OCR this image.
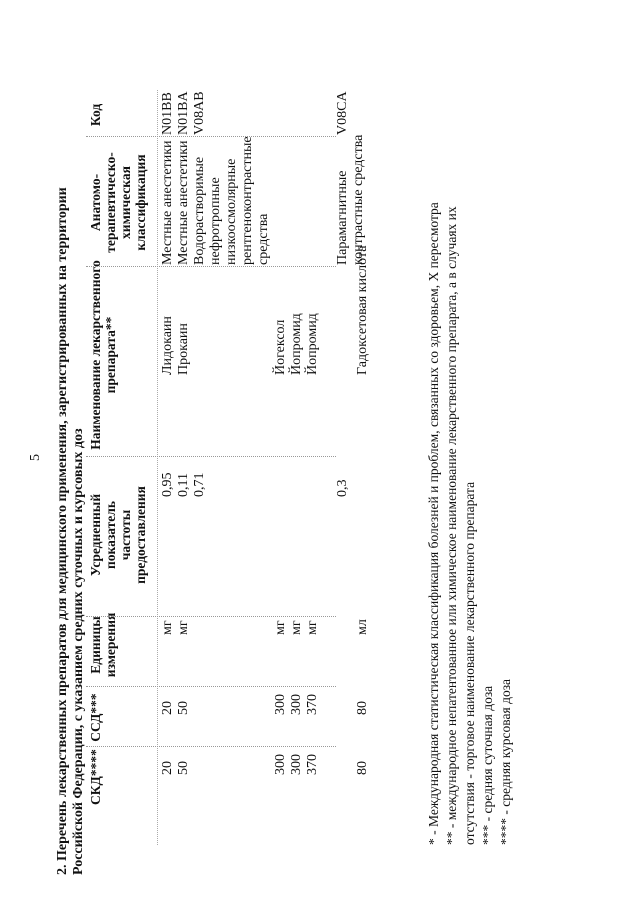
5 2. Перечень лекарственных препаратов для медицинского применения, зарегистрированных на территории Российской Федерации, с указанием средних суточных и курсовых доз
Код
Анатомо- терапевтическо- химическая классификация
Наименование лекарственного препарата**
Усредненный показатель частоты предоставления
Единицы измерения
ССД***
СКД****
N01BB
Местные анестетики
Лидокаин
0,95
мг
20
20
N01BA
Местные анестетики
Прокаин
0,11
мг
50
50
V08AB
Водорастворимые нефротропные низкоосмолярные рентгеноконтрастные средства
0,71
Йогексол
мг
300
300
Йопромид
мг
300
300
Йопромид
мг
370
370
V08CA
Парамагнитные контрастные средства
0,3
Гадоксетовая кислота
мл
80
80	* - Международная статистическая классификация болезней и проблем, связанных со здоровьем, X пересмотра ** - международное непатентованное или химическое наименование лекарственного препарата, а в случаях их отсутствия - торговое наименование лекарственного препарата *** - средняя суточная доза **** - средняя курсовая доза
